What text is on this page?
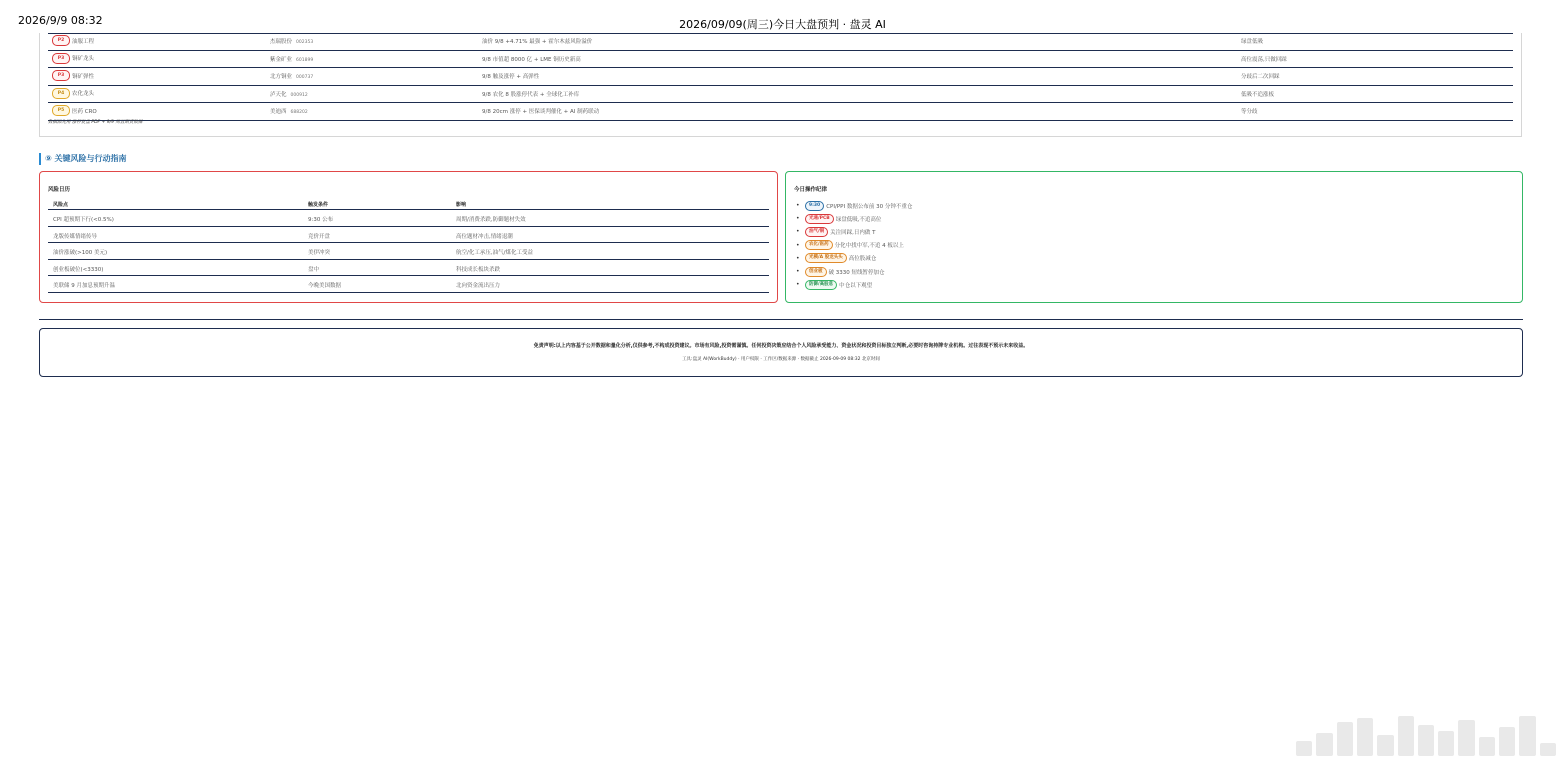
2026/9/9 08:32	2026/09/09(周三)今日大盘预判 · 盘灵 AI
P2	油服工程	杰瑞股份 002353	油价 9/8 +4.71% 最强 + 霍尔木兹风险溢价	绿盘低吸
P3	铜矿龙头	紫金矿业 601899	9/8 市值超 8000 亿 + LME 铜历史新高	高位震荡,只做回踩
P3	铜矿弹性	北方铜业 000737	9/8 触及涨停 + 高弹性	分歧后二次回踩
P4	农化龙头	泸天化 000912	9/8 农化 8 股涨停代表 + 全球化工补库	低吸不追涨板
P5	医药 CRO	美迪西 688202	9/8 20cm 涨停 + 医保谈判催化 + AI 制药联动	等分歧
数据源先用 涨停复盘 PDF + 9/9 周五期货数据
⑨ 关键风险与行动指南
风险日历
风险点	触发条件	影响
CPI 超预期下行(<0.5%)	9:30 公布	周期/消费杀跌,防御题材失效
龙版传媒情绪传导	竞价开盘	高位题材冲击,情绪退潮
油价涨破(>100 美元)	美伊冲突	航空/化工承压,油气/煤化工受益
创业板破位(<3330)	盘中	科技成长板块杀跌
美联储 9 月加息预期升温	今晚美国数据	北向资金流出压力
今日操作纪律
• 9:30	CPI/PPI 数据公布前 30 分钟不重仓
• 光通/PCB	绿盘低吸,不追高位
• 油气/铜	关注回踩,日内做 T
• 农化/医药	分化中找中军,不追 4 板以上
• 光模/A 股龙头头	高位股减仓
• 创业板	破 3330 短线暂停加仓
• 防御/高股息	中仓以下观望
免责声明:以上内容基于公开数据和量化分析,仅供参考,不构成投资建议。市场有风险,投资需谨慎。任何投资决策应结合个人风险承受能力、资金状况和投资目标独立判断,必要时咨询持牌专业机构。过往表现不预示未来收益。
工具:盘灵 AI(WorkBuddy) · 用户权限 · 工作区/数据来源 · 数据截止 2026-09-09 08:32 北京时间
